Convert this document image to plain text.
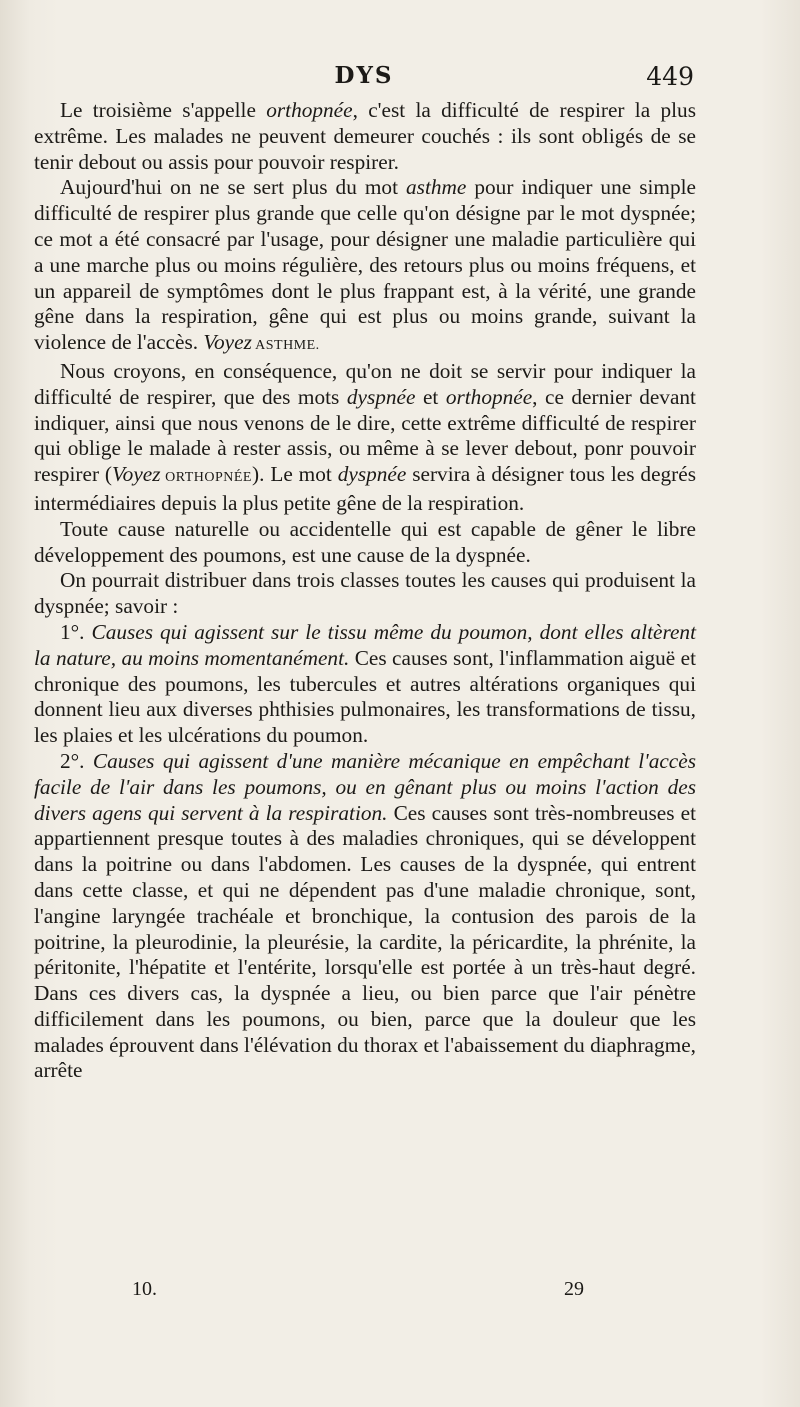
DYS	449

Le troisième s'appelle orthopnée, c'est la difficulté de respirer la plus extrême. Les malades ne peuvent demeurer couchés : ils sont obligés de se tenir debout ou assis pour pouvoir respirer.

Aujourd'hui on ne se sert plus du mot asthme pour indiquer une simple difficulté de respirer plus grande que celle qu'on désigne par le mot dyspnée; ce mot a été consacré par l'usage, pour désigner une maladie particulière qui a une marche plus ou moins régulière, des retours plus ou moins fréquens, et un appareil de symptômes dont le plus frappant est, à la vérité, une grande gêne dans la respiration, gêne qui est plus ou moins grande, suivant la violence de l'accès. Voyez ASTHME.

Nous croyons, en conséquence, qu'on ne doit se servir pour indiquer la difficulté de respirer, que des mots dyspnée et orthopnée, ce dernier devant indiquer, ainsi que nous venons de le dire, cette extrême difficulté de respirer qui oblige le malade à rester assis, ou même à se lever debout, ponr pouvoir respirer (Voyez ORTHOPNÉE). Le mot dyspnée servira à désigner tous les degrés intermédiaires depuis la plus petite gêne de la respiration.

Toute cause naturelle ou accidentelle qui est capable de gêner le libre développement des poumons, est une cause de la dyspnée.

On pourrait distribuer dans trois classes toutes les causes qui produisent la dyspnée; savoir :

1°. Causes qui agissent sur le tissu même du poumon, dont elles altèrent la nature, au moins momentanément. Ces causes sont, l'inflammation aiguë et chronique des poumons, les tubercules et autres altérations organiques qui donnent lieu aux diverses phthisies pulmonaires, les transformations de tissu, les plaies et les ulcérations du poumon.

2°. Causes qui agissent d'une manière mécanique en empêchant l'accès facile de l'air dans les poumons, ou en gênant plus ou moins l'action des divers agens qui servent à la respiration. Ces causes sont très-nombreuses et appartiennent presque toutes à des maladies chroniques, qui se développent dans la poitrine ou dans l'abdomen. Les causes de la dyspnée, qui entrent dans cette classe, et qui ne dépendent pas d'une maladie chronique, sont, l'angine laryngée trachéale et bronchique, la contusion des parois de la poitrine, la pleurodinie, la pleurésie, la cardite, la péricardite, la phrénite, la péritonite, l'hépatite et l'entérite, lorsqu'elle est portée à un très-haut degré. Dans ces divers cas, la dyspnée a lieu, ou bien parce que l'air pénètre difficilement dans les poumons, ou bien, parce que la douleur que les malades éprouvent dans l'élévation du thorax et l'abaissement du diaphragme, arrête

10.	29
